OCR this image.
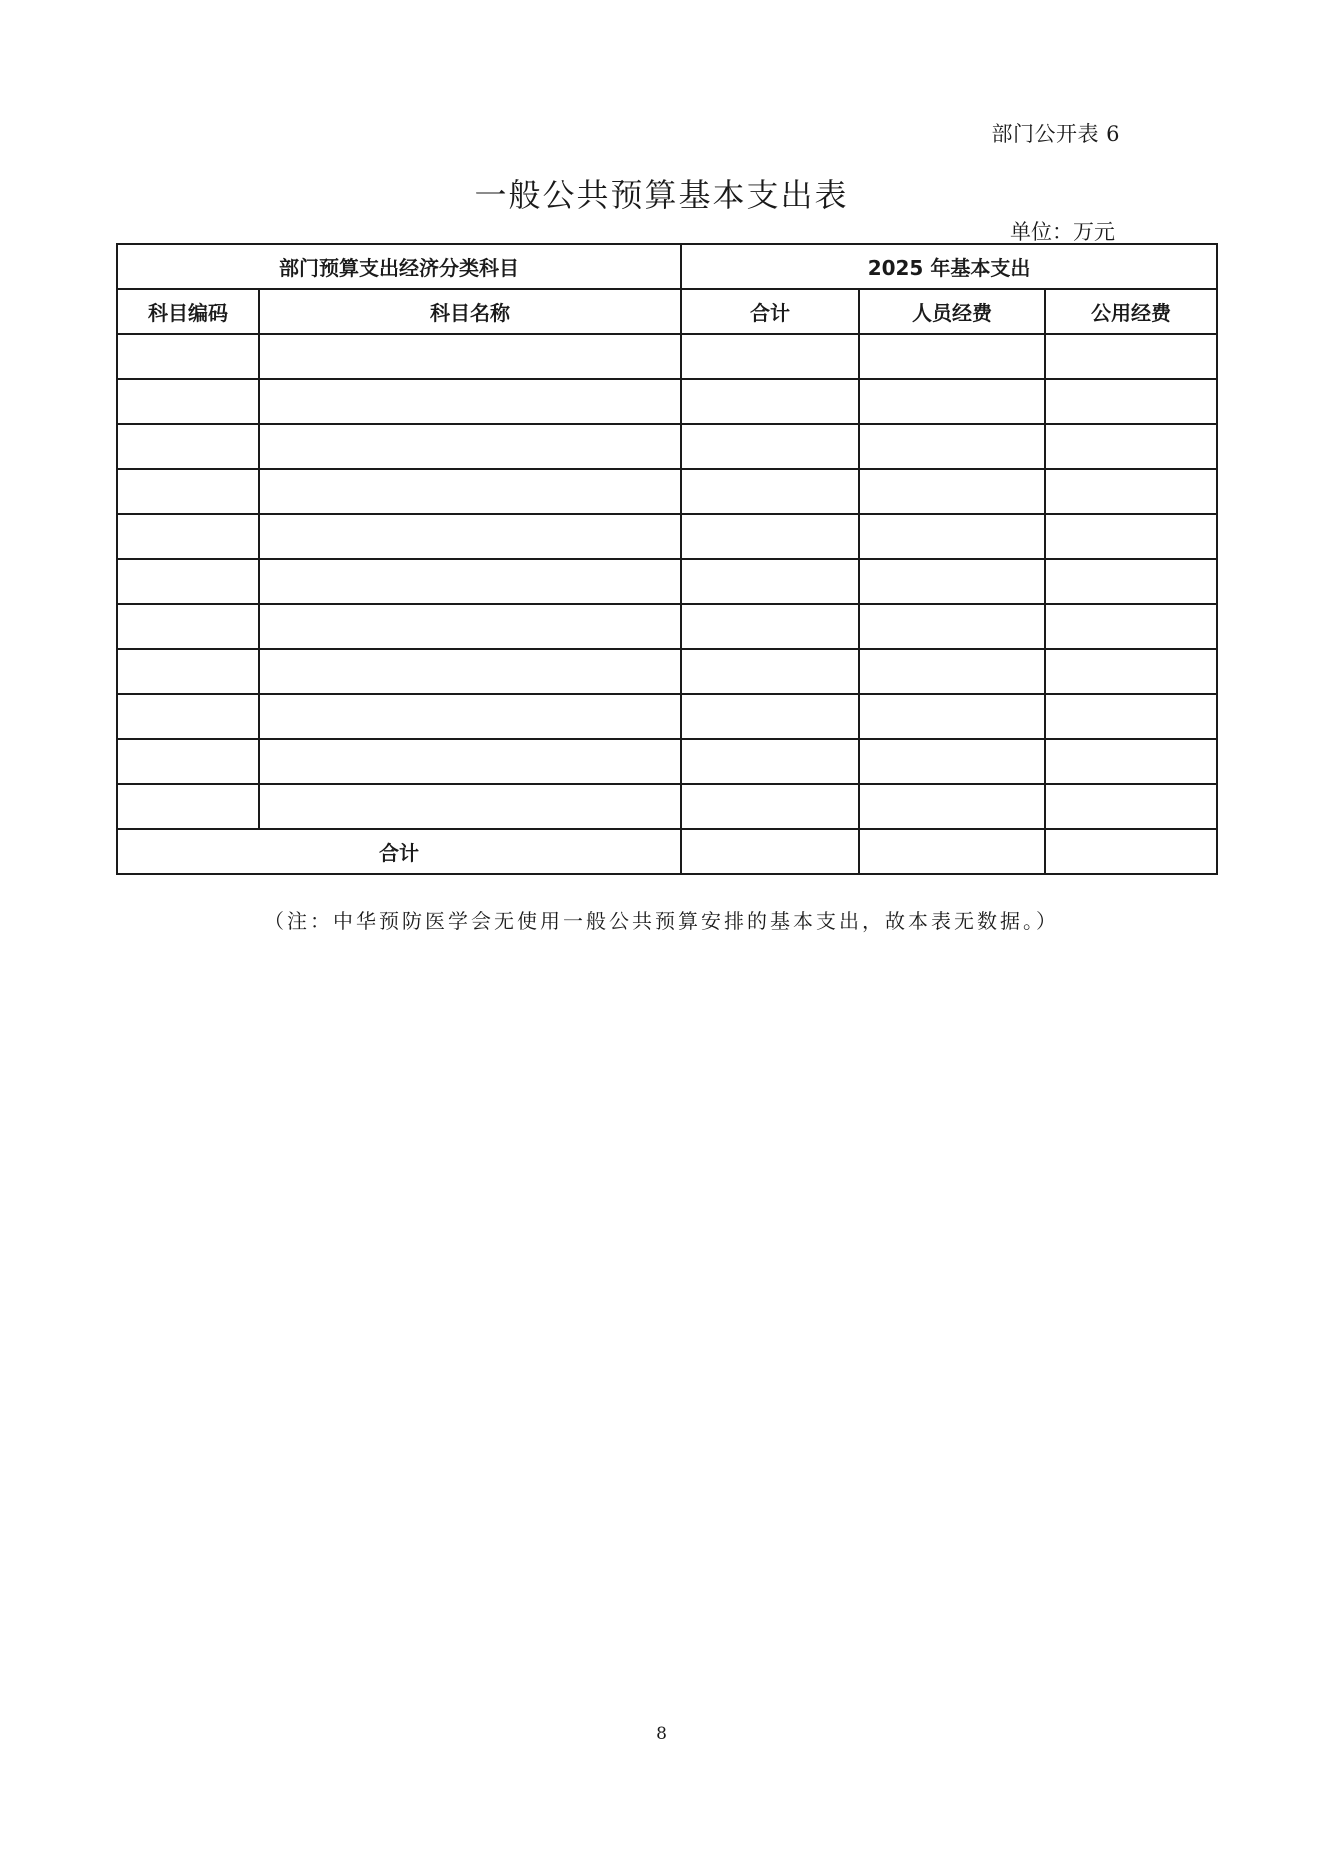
部门公开表 6
一般公共预算基本支出表
单位：万元
部门预算支出经济分类科目		2025 年基本支出		
科目编码	科目名称	合计	人员经费	公用经费

合计				
（注：中华预防医学会无使用一般公共预算安排的基本支出，故本表无数据。）
8
